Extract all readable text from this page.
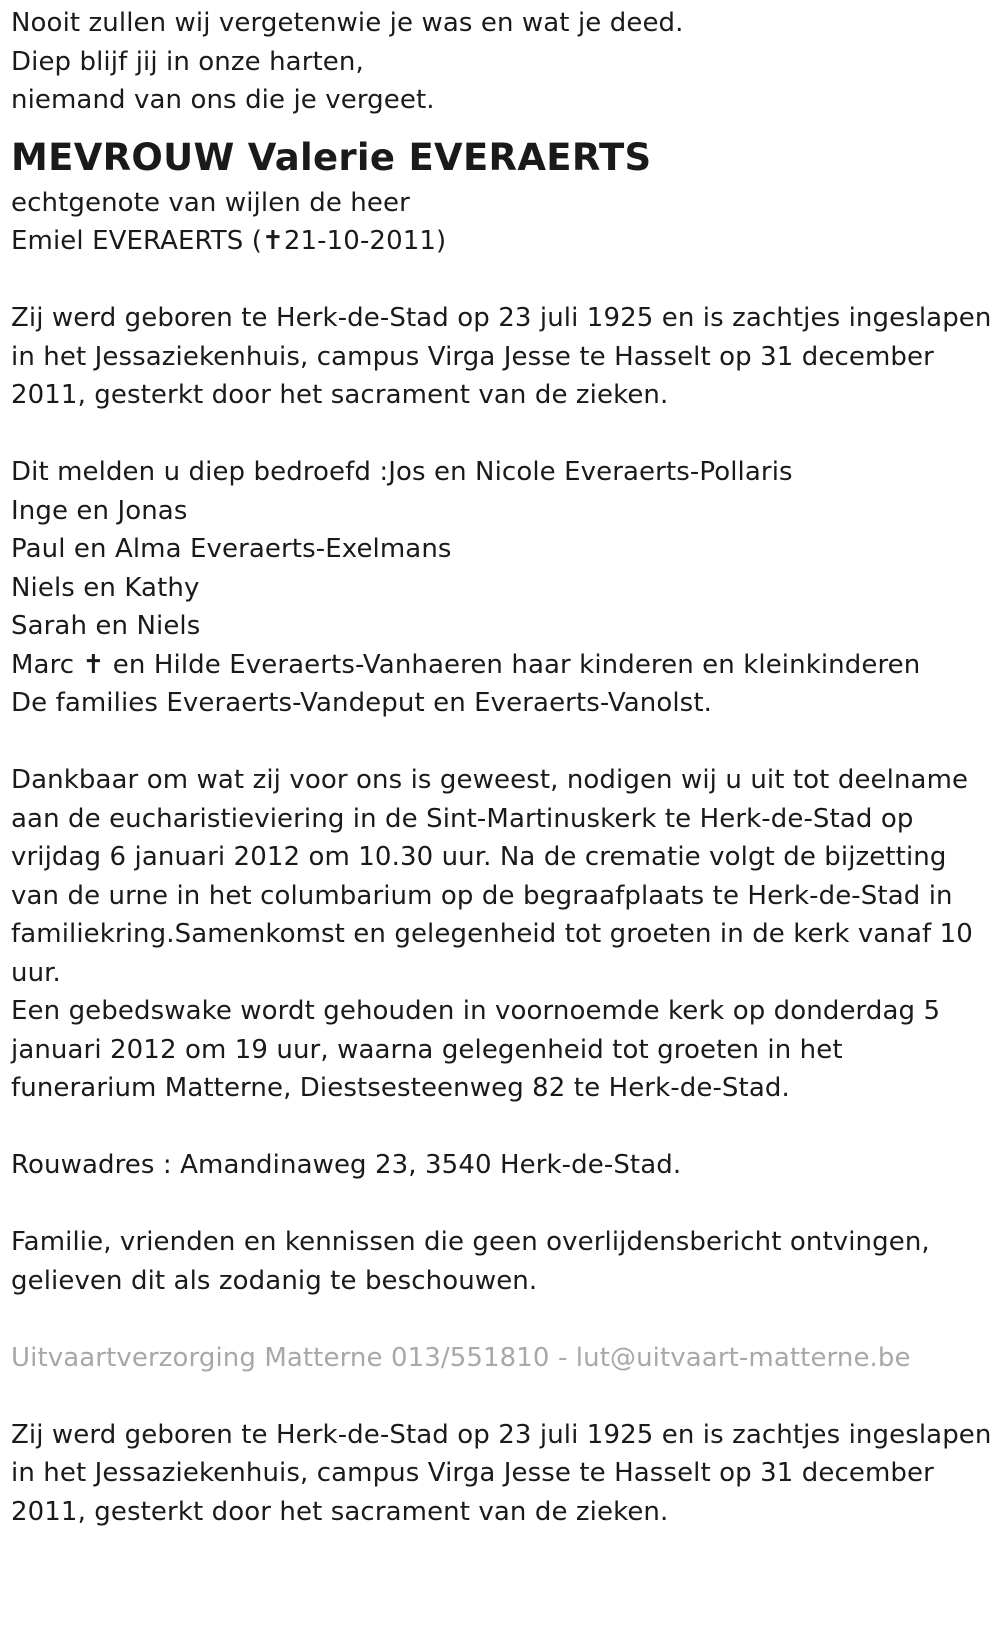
Nooit zullen wij vergetenwie je was en wat je deed.
Diep blijf jij in onze harten,
niemand van ons die je vergeet.
MEVROUW Valerie EVERAERTS
echtgenote van wijlen de heer
Emiel EVERAERTS (✝21-10-2011)
Zij werd geboren te Herk-de-Stad op 23 juli 1925 en is zachtjes ingeslapen
in het Jessaziekenhuis, campus Virga Jesse te Hasselt op 31 december
2011, gesterkt door het sacrament van de zieken.
Dit melden u diep bedroefd :Jos en Nicole Everaerts-Pollaris
Inge en Jonas
Paul en Alma Everaerts-Exelmans
Niels en Kathy
Sarah en Niels
Marc ✝ en Hilde Everaerts-Vanhaeren haar kinderen en kleinkinderen
De families Everaerts-Vandeput en Everaerts-Vanolst.
Dankbaar om wat zij voor ons is geweest, nodigen wij u uit tot deelname
aan de eucharistieviering in de Sint-Martinuskerk te Herk-de-Stad op
vrijdag 6 januari 2012 om 10.30 uur. Na de crematie volgt de bijzetting
van de urne in het columbarium op de begraafplaats te Herk-de-Stad in
familiekring.Samenkomst en gelegenheid tot groeten in de kerk vanaf 10
uur.
Een gebedswake wordt gehouden in voornoemde kerk op donderdag 5
januari 2012 om 19 uur, waarna gelegenheid tot groeten in het
funerarium Matterne, Diestsesteenweg 82 te Herk-de-Stad.
Rouwadres : Amandinaweg 23, 3540 Herk-de-Stad.
Familie, vrienden en kennissen die geen overlijdensbericht ontvingen,
gelieven dit als zodanig te beschouwen.
Uitvaartverzorging Matterne 013/551810 - lut@uitvaart-matterne.be
Zij werd geboren te Herk-de-Stad op 23 juli 1925 en is zachtjes ingeslapen
in het Jessaziekenhuis, campus Virga Jesse te Hasselt op 31 december
2011, gesterkt door het sacrament van de zieken.
